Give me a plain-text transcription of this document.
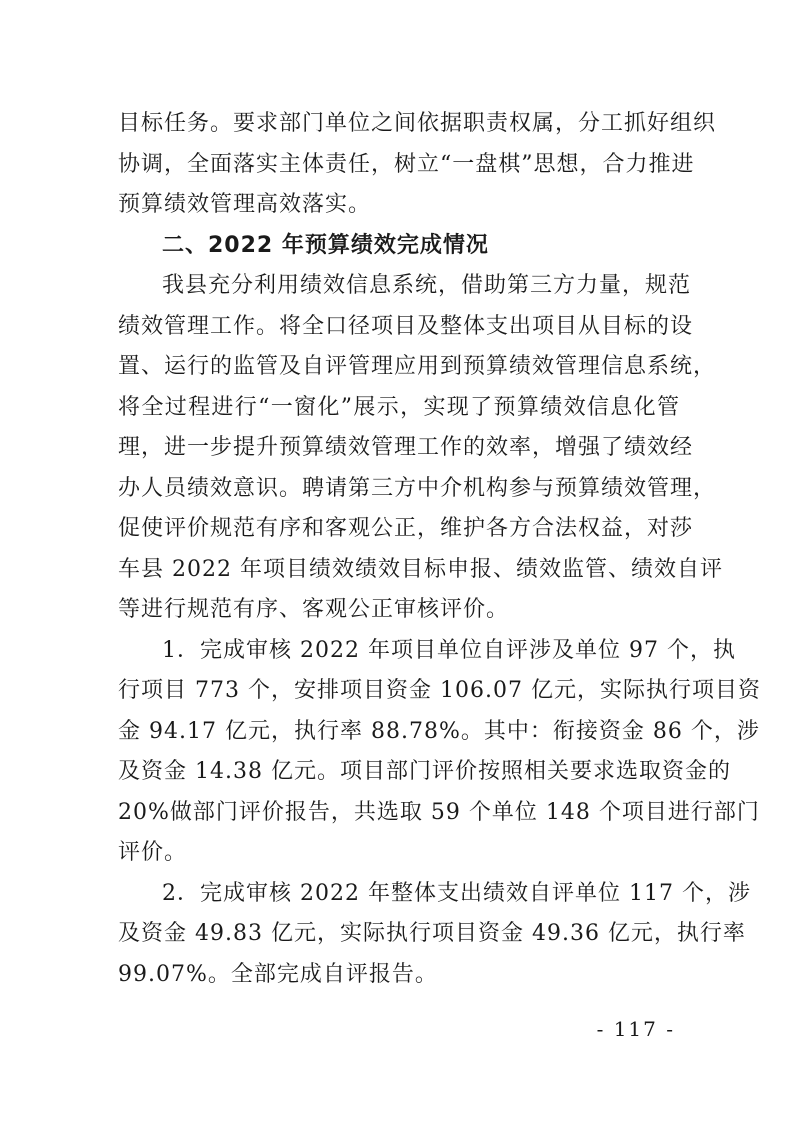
目标任务。要求部门单位之间依据职责权属，分工抓好组织
协调，全面落实主体责任，树立“一盘棋”思想，合力推进
预算绩效管理高效落实。
二、2022 年预算绩效完成情况
我县充分利用绩效信息系统，借助第三方力量，规范
绩效管理工作。将全口径项目及整体支出项目从目标的设
置、运行的监管及自评管理应用到预算绩效管理信息系统，
将全过程进行“一窗化”展示，实现了预算绩效信息化管
理，进一步提升预算绩效管理工作的效率，增强了绩效经
办人员绩效意识。聘请第三方中介机构参与预算绩效管理，
促使评价规范有序和客观公正，维护各方合法权益，对莎
车县 2022 年项目绩效绩效目标申报、绩效监管、绩效自评
等进行规范有序、客观公正审核评价。
1．完成审核 2022 年项目单位自评涉及单位 97 个，执
行项目 773 个，安排项目资金 106.07 亿元，实际执行项目资
金 94.17 亿元，执行率 88.78%。其中：衔接资金 86 个，涉
及资金 14.38 亿元。项目部门评价按照相关要求选取资金的
20%做部门评价报告，共选取 59 个单位 148 个项目进行部门
评价。
2．完成审核 2022 年整体支出绩效自评单位 117 个，涉
及资金 49.83 亿元，实际执行项目资金 49.36 亿元，执行率
99.07%。全部完成自评报告。
- 117 -
